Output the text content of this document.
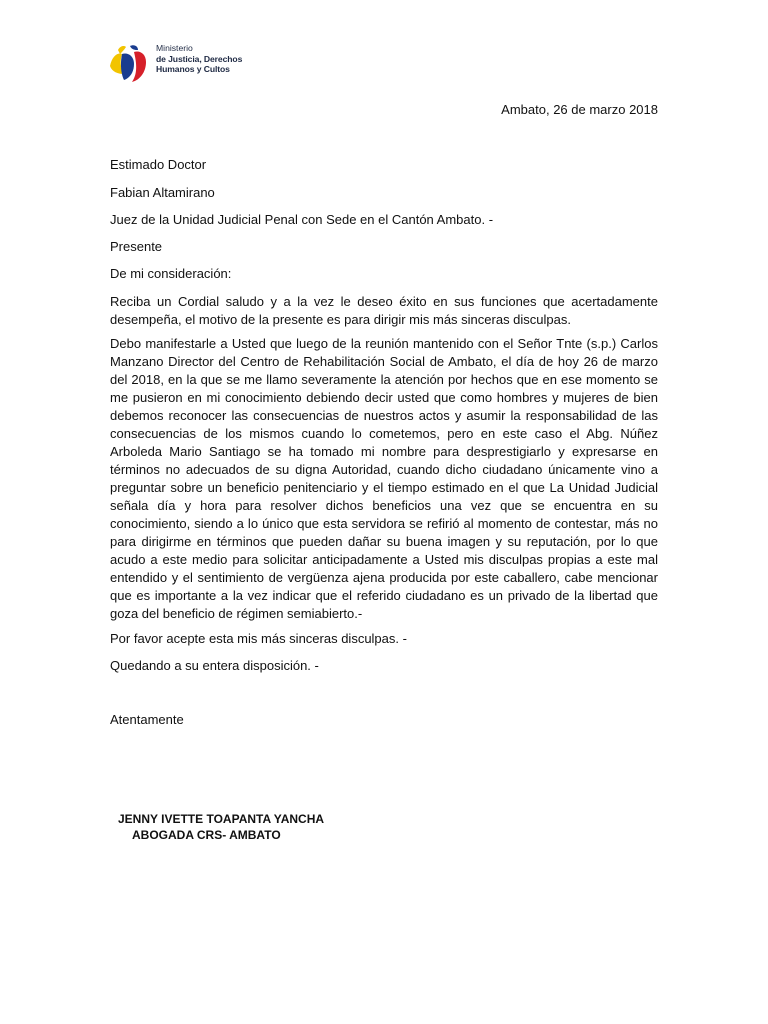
Ministerio
de Justicia, Derechos
Humanos y Cultos
Ambato, 26 de marzo 2018
Estimado Doctor
Fabian Altamirano
Juez de la Unidad Judicial Penal con Sede en el Cantón Ambato. -
Presente
De mi consideración:
Reciba un Cordial saludo y a la vez le deseo éxito en sus funciones que acertadamente desempeña, el motivo de la presente es para dirigir mis más sinceras disculpas.
Debo manifestarle a Usted que luego de la reunión mantenido con el Señor Tnte (s.p.) Carlos Manzano Director del Centro de Rehabilitación Social de Ambato, el día de hoy 26 de marzo del 2018, en la que se me llamo severamente la atención por hechos que en ese momento se me pusieron en mi conocimiento debiendo decir usted que como hombres y mujeres de bien debemos reconocer las consecuencias de nuestros actos y asumir la responsabilidad de las consecuencias de los mismos cuando lo cometemos, pero en este caso el Abg. Núñez Arboleda Mario Santiago se ha tomado mi nombre para desprestigiarlo y expresarse en términos no adecuados de su digna Autoridad, cuando dicho ciudadano únicamente vino a preguntar sobre un beneficio penitenciario y el tiempo estimado en el que La Unidad Judicial señala día y hora para resolver dichos beneficios una vez que se encuentra en su conocimiento, siendo a lo único que esta servidora se refirió al momento de contestar, más no para dirigirme en términos que pueden dañar su buena imagen y su reputación, por lo que acudo a este medio para solicitar anticipadamente a Usted mis disculpas propias a este mal entendido y el sentimiento de vergüenza ajena producida por este caballero, cabe mencionar que es importante a la vez indicar que el referido ciudadano es un privado de la libertad que goza del beneficio de régimen semiabierto.-
Por favor acepte esta mis más sinceras disculpas. -
Quedando a su entera disposición. -
Atentamente
JENNY IVETTE TOAPANTA YANCHA
ABOGADA CRS- AMBATO
